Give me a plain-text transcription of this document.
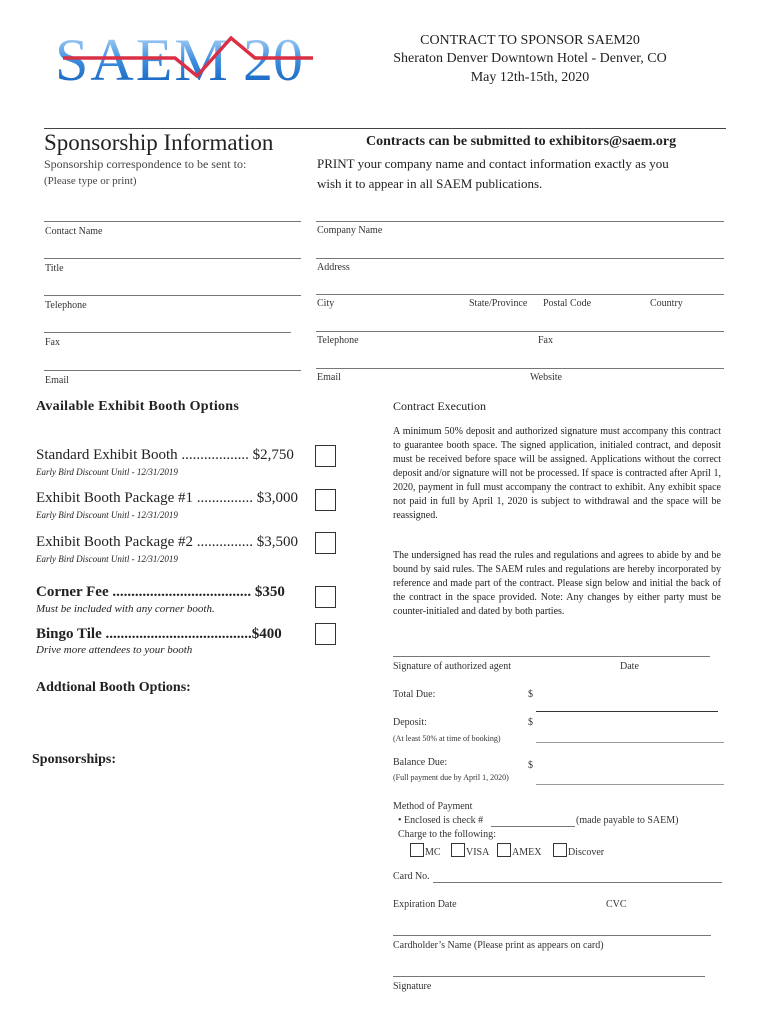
SAEM 20	CONTRACT TO SPONSOR SAEM20
Sheraton Denver Downtown Hotel - Denver, CO
May 12th-15th, 2020
Sponsorship Information
Sponsorship correspondence to be sent to:
(Please type or print)
Contact Name
Title
Telephone
Fax
Email
Contracts can be submitted to exhibitors@saem.org
PRINT your company name and contact information exactly as you
wish it to appear in all SAEM publications.
Company Name
Address
City	State/Province Postal Code	Country
Telephone	Fax
Email	Website
Available Exhibit Booth Options
Standard Exhibit Booth .................. $2,750
Early Bird Discount Unitl - 12/31/2019
Exhibit Booth Package #1 ............... $3,000
Early Bird Discount Unitl - 12/31/2019
Exhibit Booth Package #2 ............... $3,500
Early Bird Discount Unitl - 12/31/2019
Corner Fee ..................................... $350
Must be included with any corner booth.
Bingo Tile .......................................$400
Drive more attendees to your booth
Addtional Booth Options:
Sponsorships:
Contract Execution
A minimum 50% deposit and authorized signature must accompany this contract to guarantee booth space. The signed application, initialed contract, and deposit must be received before space will be assigned. Applications without the correct deposit and/or signature will not be processed. If space is contracted after April 1, 2020, payment in full must accompany the contract to exhibit. Any exhibit space not paid in full by April 1, 2020 is subject to withdrawal and the space will be reassigned.
The undersigned has read the rules and regulations and agrees to abide by and be bound by said rules. The SAEM rules and regulations are hereby incorporated by reference and made part of the contract. Please sign below and initial the back of the contract in the space provided. Note: Any changes by either party must be counter-initialed and dated by both parties.
Signature of authorized agent	Date
Total Due:	$
Deposit:	$
(At least 50% at time of booking)
Balance Due:	$
(Full payment due by April 1, 2020)
Method of Payment
• Enclosed is check #	(made payable to SAEM)
Charge to the following:
MC	VISA	AMEX	Discover
Card No.
Expiration Date	CVC
Cardholder’s Name (Please print as appears on card)
Signature
